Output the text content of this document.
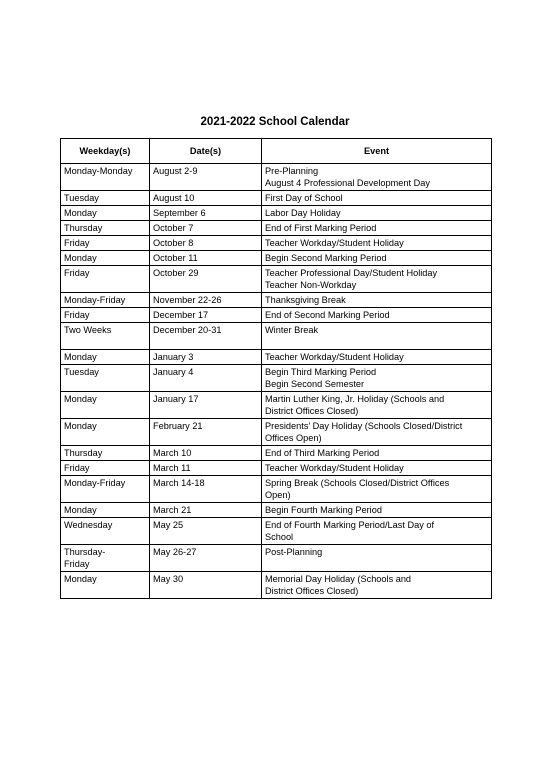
2021-2022 School Calendar
Weekday(s)	Date(s)	Event

Monday-Monday	August 2-9	Pre-Planning
August 4 Professional Development Day

Tuesday	August 10	First Day of School

Monday	September 6	Labor Day Holiday

Thursday	October 7	End of First Marking Period

Friday	October 8	Teacher Workday/Student Holiday

Monday	October 11	Begin Second Marking Period

Friday	October 29	Teacher Professional Day/Student Holiday
Teacher Non-Workday

Monday-Friday	November 22-26	Thanksgiving Break

Friday	December 17	End of Second Marking Period

Two Weeks	December 20-31	Winter Break

Monday	January 3	Teacher Workday/Student Holiday

Tuesday	January 4	Begin Third Marking Period
Begin Second Semester

Monday	January 17	Martin Luther King, Jr. Holiday (Schools and
District Offices Closed)

Monday	February 21	Presidents’ Day Holiday (Schools Closed/District
Offices Open)

Thursday	March 10	End of Third Marking Period

Friday	March 11	Teacher Workday/Student Holiday

Monday-Friday	March 14-18	Spring Break (Schools Closed/District Offices
Open)

Monday	March 21	Begin Fourth Marking Period

Wednesday	May 25	End of Fourth Marking Period/Last Day of
School

Thursday-
Friday	May 26-27	Post-Planning

Monday	May 30	Memorial Day Holiday (Schools and
District Offices Closed)
